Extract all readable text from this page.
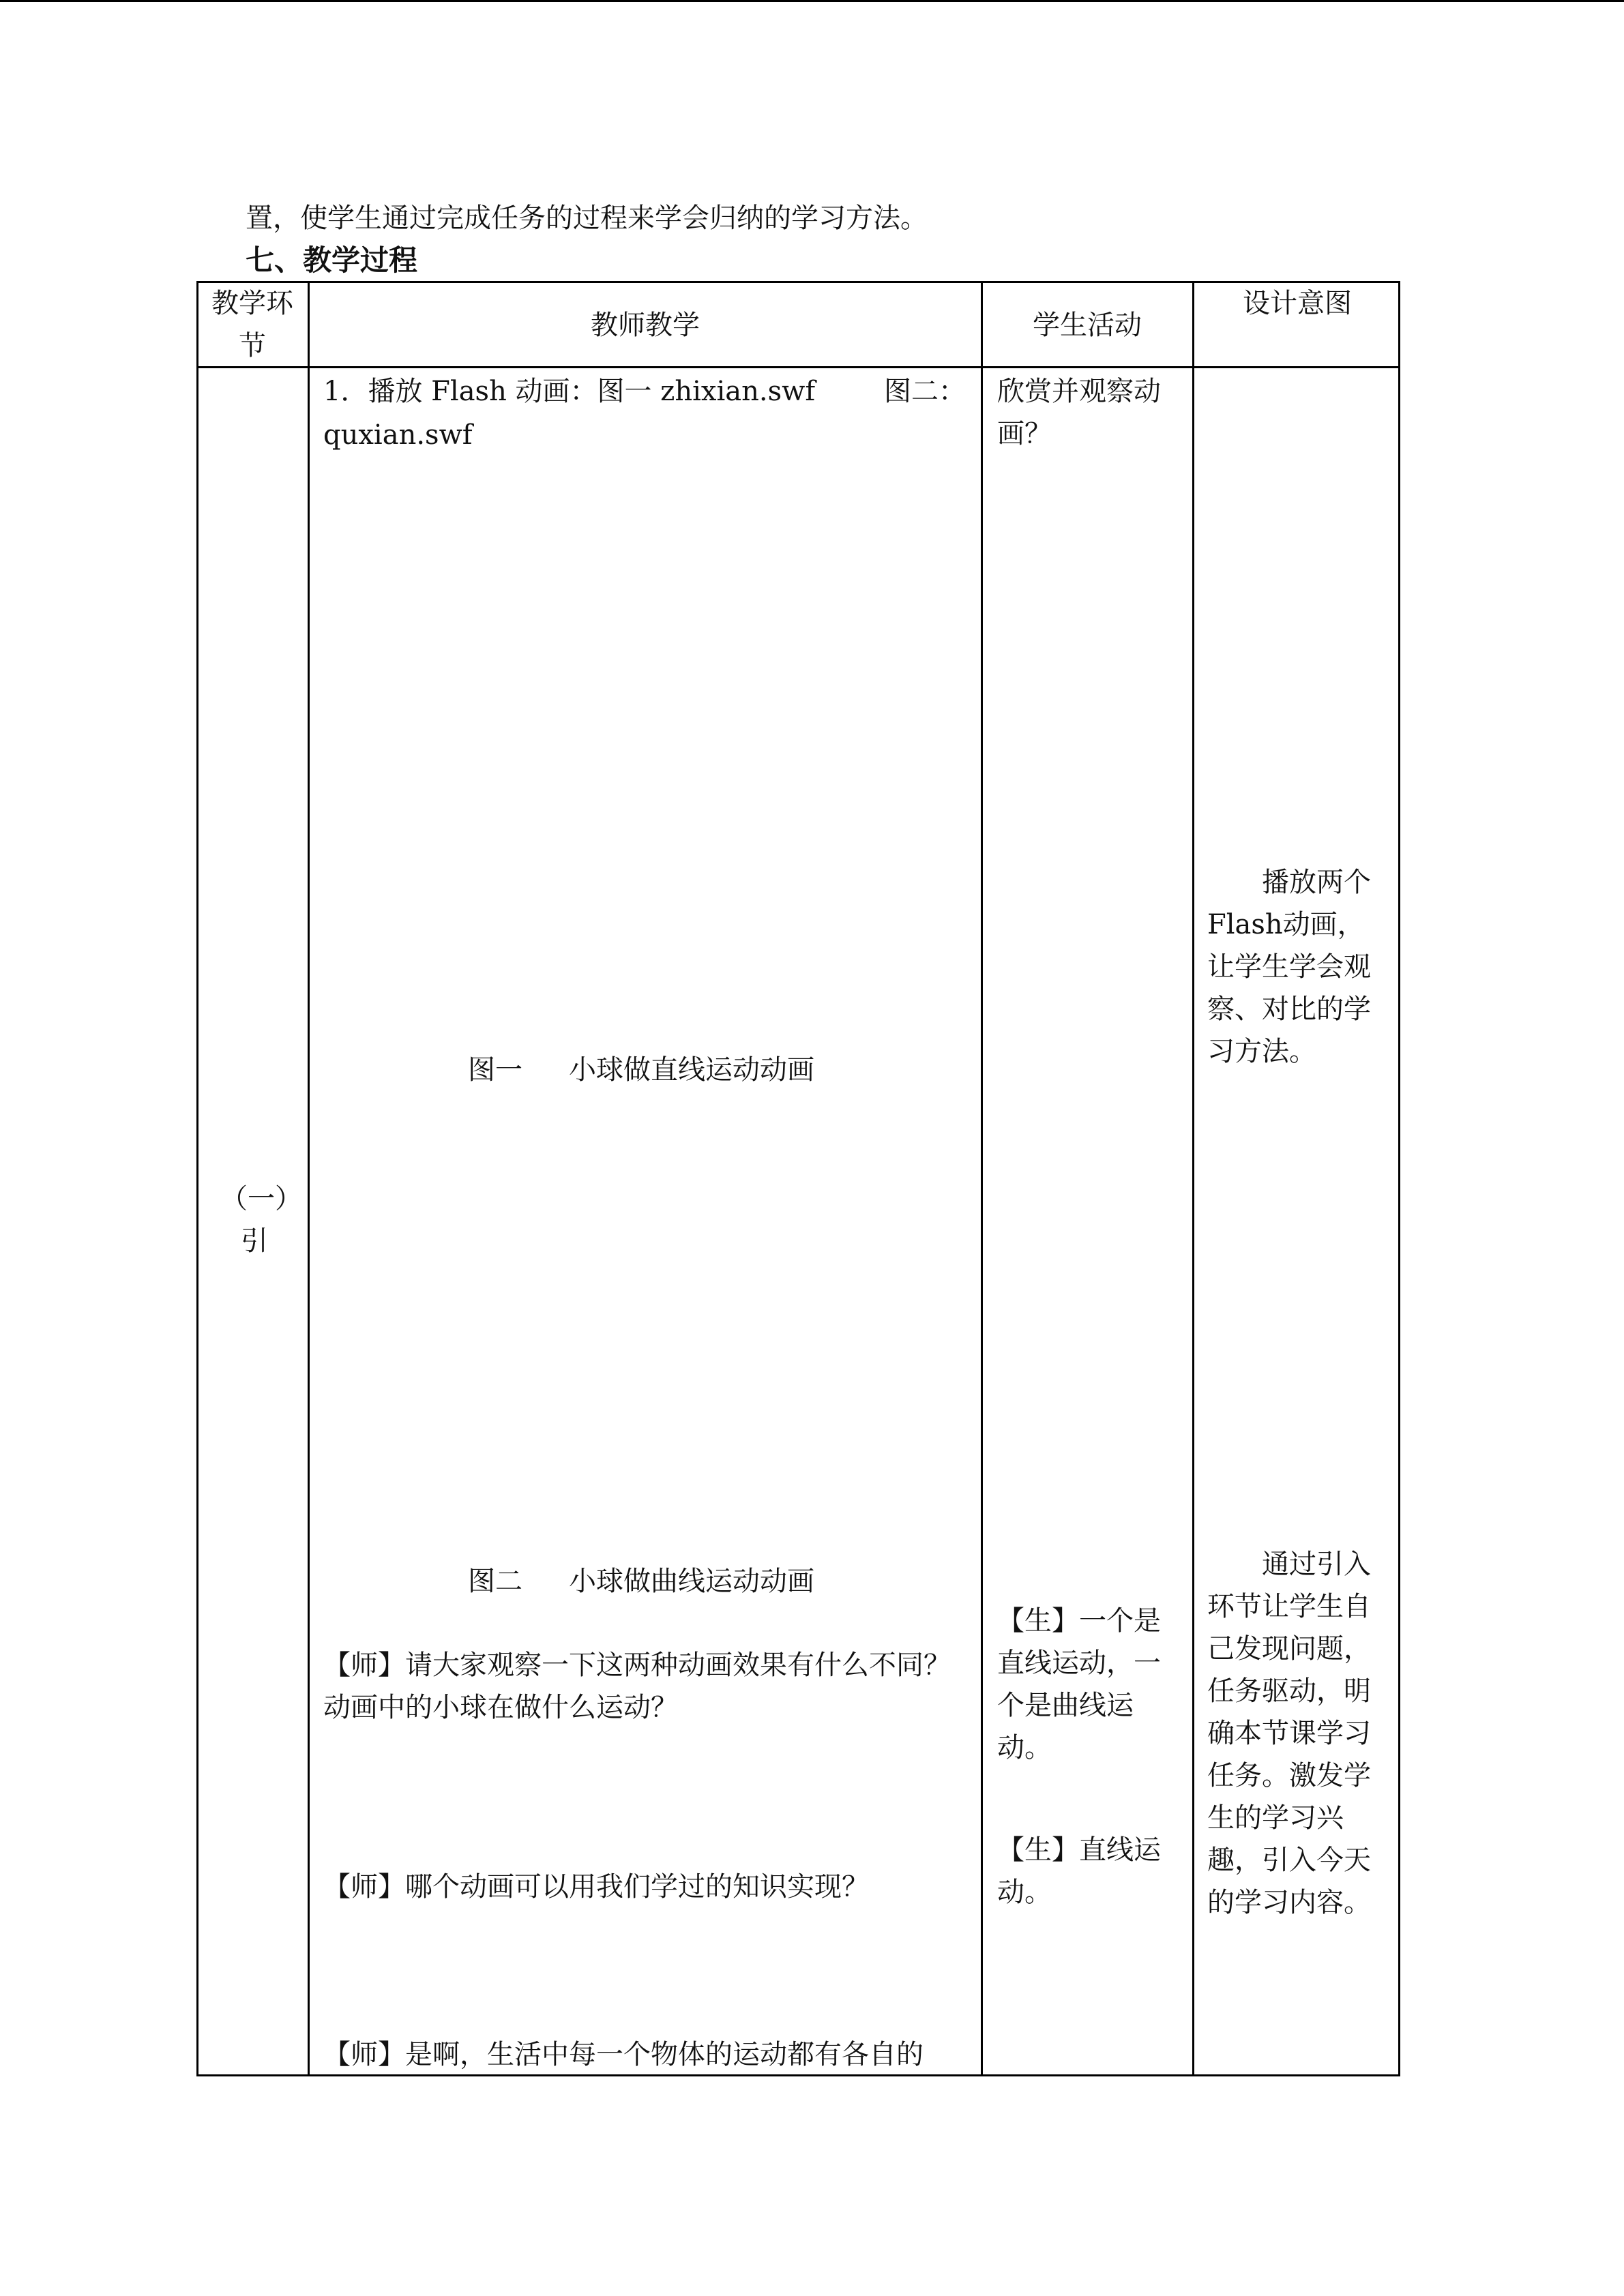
置，使学生通过完成任务的过程来学会归纳的学习方法。
七、教学过程
教学环节
教师教学	学生活动
设计意图
（一）引
1．播放 Flash 动画：图一 zhixian.swf	图二：
quxian.swf
图一 小球做直线运动动画
图二 小球做曲线运动动画
【师】请大家观察一下这两种动画效果有什么不同？动画中的小球在做什么运动？
【师】哪个动画可以用我们学过的知识实现？
【师】是啊，生活中每一个物体的运动都有各自的
欣赏并观察动画？
【生】一个是直线运动，一个是曲线运动。
【生】直线运动。
播放两个Flash动画，让学生学会观察、对比的学习方法。
通过引入环节让学生自己发现问题，任务驱动，明确本节课学习任务。激发学生的学习兴趣，引入今天的学习内容。
